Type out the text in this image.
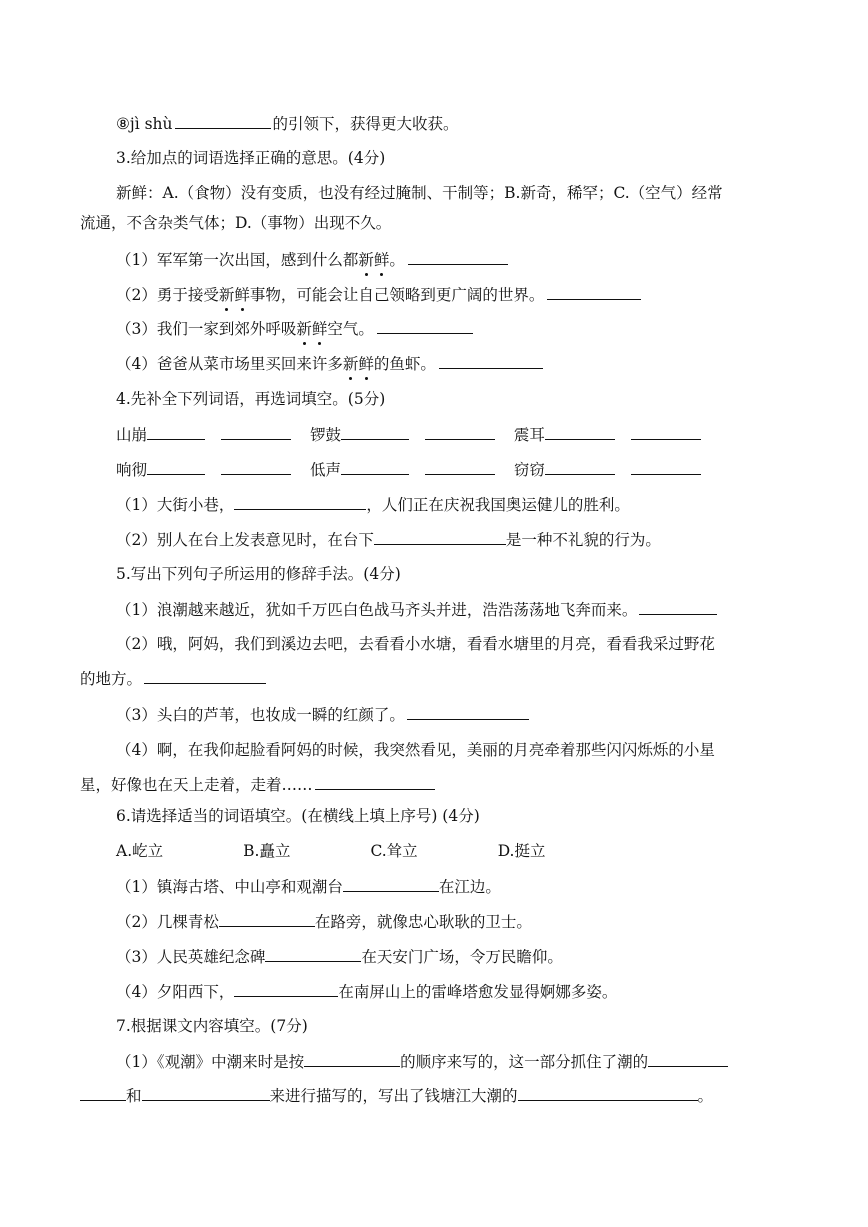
⑧jì shù	的引领下，获得更大收获。
3.给加点的词语选择正确的意思。(4分)
新鲜：A.（食物）没有变质，也没有经过腌制、干制等；B.新奇，稀罕；C.（空气）经常
流通，不含杂类气体；D.（事物）出现不久。
（1）军军第一次出国，感到什么都新鲜。
（2）勇于接受新鲜事物，可能会让自己领略到更广阔的世界。
（3）我们一家到郊外呼吸新鲜空气。
（4）爸爸从菜市场里买回来许多新鲜的鱼虾。
4.先补全下列词语，再选词填空。(5分)
山崩	锣鼓	震耳
响彻	低声	窃窃
（1）大街小巷，	，人们正在庆祝我国奥运健儿的胜利。
（2）别人在台上发表意见时，在台下	是一种不礼貌的行为。
5.写出下列句子所运用的修辞手法。(4分)
（1）浪潮越来越近，犹如千万匹白色战马齐头并进，浩浩荡荡地飞奔而来。
（2）哦，阿妈，我们到溪边去吧，去看看小水塘，看看水塘里的月亮，看看我采过野花
的地方。
（3）头白的芦苇，也妆成一瞬的红颜了。
（4）啊，在我仰起脸看阿妈的时候，我突然看见，美丽的月亮牵着那些闪闪烁烁的小星
星，好像也在天上走着，走着……
6.请选择适当的词语填空。(在横线上填上序号) (4分)
A.屹立	B.矗立	C.耸立	D.挺立
（1）镇海古塔、中山亭和观潮台	在江边。
（2）几棵青松	在路旁，就像忠心耿耿的卫士。
（3）人民英雄纪念碑	在天安门广场，令万民瞻仰。
（4）夕阳西下，	在南屏山上的雷峰塔愈发显得婀娜多姿。
7.根据课文内容填空。(7分)
（1）《观潮》中潮来时是按	的顺序来写的，这一部分抓住了潮的
和	来进行描写的，写出了钱塘江大潮的	。
